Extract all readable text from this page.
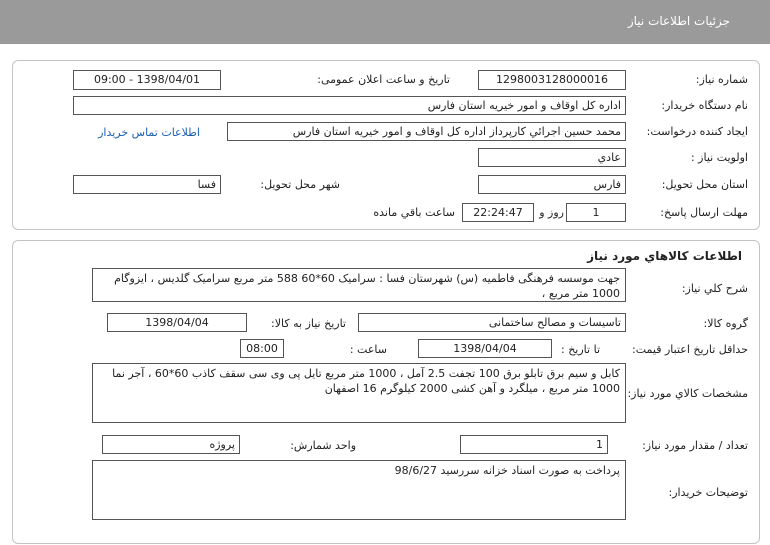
جزئيات اطلاعات نياز
شماره نياز:
1298003128000016
تاريخ و ساعت اعلان عمومی:
1398/04/01 - 09:00
نام دستگاه خريدار:
اداره کل اوقاف و امور خيريه استان فارس
ايجاد کننده درخواست:
محمد حسين اجرائي کارپرداز اداره کل اوقاف و امور خيريه استان فارس
اطلاعات تماس خريدار
اولويت نياز :
عادي
استان محل تحويل:
فارس
شهر محل تحويل:
فسا
مهلت ارسال پاسخ:
1
روز و
22:24:47
ساعت باقي مانده
اطلاعات کالاهاي مورد نياز
شرح کلي نياز:
جهت موسسه فرهنگی فاطميه (س) شهرستان فسا : سراميک 60*60 588 متر مربع سراميک گلديس ، ايزوگام 1000 متر مربع ،
گروه کالا:
تاسيسات و مصالح ساختمانی
تاريخ نياز به کالا:
1398/04/04
حداقل تاريخ اعتبار قيمت:
تا تاريخ :
1398/04/04
ساعت :
08:00
مشخصات کالاي مورد نياز:
کابل و سيم برق تابلو برق 100 تجفت 2.5 آمل ، 1000 متر مربع تايل پی وی سی سقف کاذب 60*60 ، آجر نما 1000 متر مربع ، ميلگرد و آهن کشی 2000 کيلوگرم 16 اصفهان
تعداد / مقدار مورد نياز:
1
واحد شمارش:
پروژه
توضيحات خريدار:
پرداخت به صورت اسناد خزانه سررسيد 98/6/27
